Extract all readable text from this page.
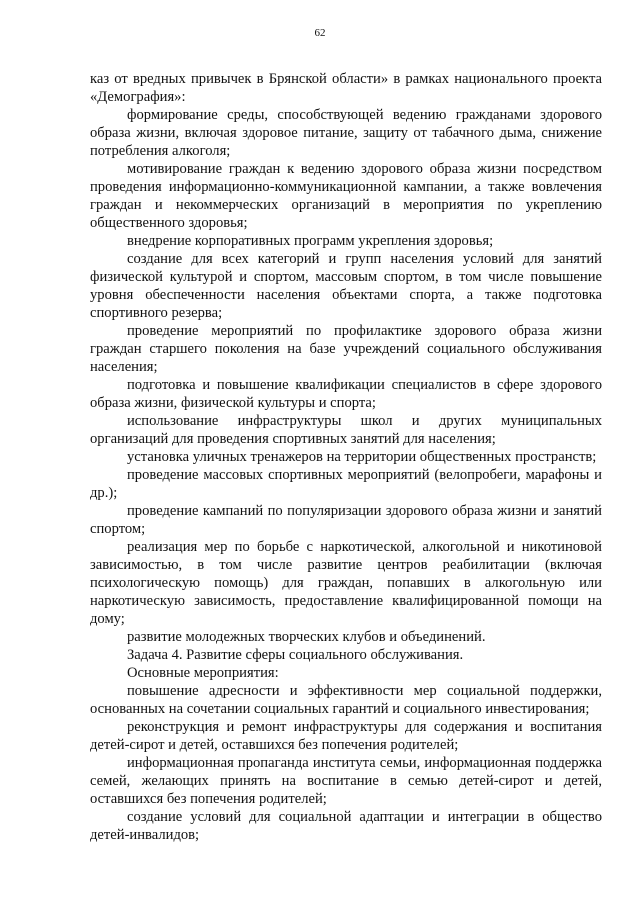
62

каз от вредных привычек в Брянской области» в рамках национального проекта «Демография»:

формирование среды, способствующей ведению гражданами здорового образа жизни, включая здоровое питание, защиту от табачного дыма, снижение потребления алкоголя;

мотивирование граждан к ведению здорового образа жизни посредством проведения информационно-коммуникационной кампании, а также вовлечения граждан и некоммерческих организаций в мероприятия по укреплению общественного здоровья;

внедрение корпоративных программ укрепления здоровья;

создание для всех категорий и групп населения условий для занятий физической культурой и спортом, массовым спортом, в том числе повышение уровня обеспеченности населения объектами спорта, а также подготовка спортивного резерва;

проведение мероприятий по профилактике здорового образа жизни граждан старшего поколения на базе учреждений социального обслуживания населения;

подготовка и повышение квалификации специалистов в сфере здорового образа жизни, физической культуры и спорта;

использование инфраструктуры школ и других муниципальных организаций для проведения спортивных занятий для населения;

установка уличных тренажеров на территории общественных пространств;

проведение массовых спортивных мероприятий (велопробеги, марафоны и др.);

проведение кампаний по популяризации здорового образа жизни и занятий спортом;

реализация мер по борьбе с наркотической, алкогольной и никотиновой зависимостью, в том числе развитие центров реабилитации (включая психологическую помощь) для граждан, попавших в алкогольную или наркотическую зависимость, предоставление квалифицированной помощи на дому;

развитие молодежных творческих клубов и объединений.

Задача 4. Развитие сферы социального обслуживания.

Основные мероприятия:

повышение адресности и эффективности мер социальной поддержки, основанных на сочетании социальных гарантий и социального инвестирования;

реконструкция и ремонт инфраструктуры для содержания и воспитания детей-сирот и детей, оставшихся без попечения родителей;

информационная пропаганда института семьи, информационная поддержка семей, желающих принять на воспитание в семью детей-сирот и детей, оставшихся без попечения родителей;

создание условий для социальной адаптации и интеграции в общество детей-инвалидов;
